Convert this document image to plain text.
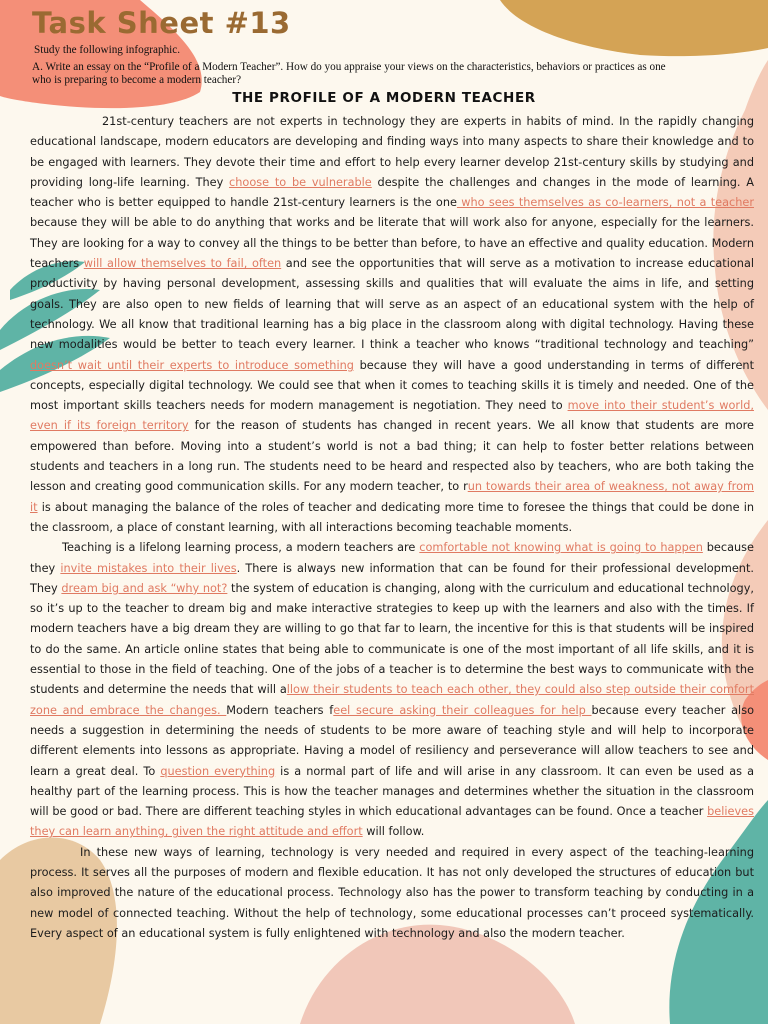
Task Sheet #13
Study the following infographic.
A. Write an essay on the “Profile of a Modern Teacher”. How do you appraise your views on the characteristics, behaviors or practices as one
who is preparing to become a modern teacher?
THE PROFILE OF A MODERN TEACHER

21st-century teachers are not experts in technology they are experts in habits of mind. In the rapidly changing educational landscape, modern educators are developing and finding ways into many aspects to share their knowledge and to be engaged with learners. They devote their time and effort to help every learner develop 21st-century skills by studying and providing long-life learning. They choose to be vulnerable despite the challenges and changes in the mode of learning. A teacher who is better equipped to handle 21st-century learners is the one who sees themselves as co-learners, not a teacher because they will be able to do anything that works and be literate that will work also for anyone, especially for the learners. They are looking for a way to convey all the things to be better than before, to have an effective and quality education. Modern teachers will allow themselves to fail, often and see the opportunities that will serve as a motivation to increase educational productivity by having personal development, assessing skills and qualities that will evaluate the aims in life, and setting goals. They are also open to new fields of learning that will serve as an aspect of an educational system with the help of technology. We all know that traditional learning has a big place in the classroom along with digital technology. Having these new modalities would be better to teach every learner. I think a teacher who knows “traditional technology and teaching” doesn’t wait until their experts to introduce something because they will have a good understanding in terms of different concepts, especially digital technology. We could see that when it comes to teaching skills it is timely and needed. One of the most important skills teachers needs for modern management is negotiation. They need to move into their student’s world, even if its foreign territory for the reason of students has changed in recent years. We all know that students are more empowered than before. Moving into a student’s world is not a bad thing; it can help to foster better relations between students and teachers in a long run. The students need to be heard and respected also by teachers, who are both taking the lesson and creating good communication skills. For any modern teacher, to run towards their area of weakness, not away from it is about managing the balance of the roles of teacher and dedicating more time to foresee the things that could be done in the classroom, a place of constant learning, with all interactions becoming teachable moments.

Teaching is a lifelong learning process, a modern teachers are comfortable not knowing what is going to happen because they invite mistakes into their lives. There is always new information that can be found for their professional development. They dream big and ask “why not? the system of education is changing, along with the curriculum and educational technology, so it’s up to the teacher to dream big and make interactive strategies to keep up with the learners and also with the times. If modern teachers have a big dream they are willing to go that far to learn, the incentive for this is that students will be inspired to do the same. An article online states that being able to communicate is one of the most important of all life skills, and it is essential to those in the field of teaching. One of the jobs of a teacher is to determine the best ways to communicate with the students and determine the needs that will allow their students to teach each other, they could also step outside their comfort zone and embrace the changes. Modern teachers feel secure asking their colleagues for help because every teacher also needs a suggestion in determining the needs of students to be more aware of teaching style and will help to incorporate different elements into lessons as appropriate. Having a model of resiliency and perseverance will allow teachers to see and learn a great deal. To question everything is a normal part of life and will arise in any classroom. It can even be used as a healthy part of the learning process. This is how the teacher manages and determines whether the situation in the classroom will be good or bad. There are different teaching styles in which educational advantages can be found. Once a teacher believes they can learn anything, given the right attitude and effort will follow.

In these new ways of learning, technology is very needed and required in every aspect of the teaching-learning process. It serves all the purposes of modern and flexible education. It has not only developed the structures of education but also improved the nature of the educational process. Technology also has the power to transform teaching by conducting in a new model of connected teaching. Without the help of technology, some educational processes can’t proceed systematically. Every aspect of an educational system is fully enlightened with technology and also the modern teacher.
